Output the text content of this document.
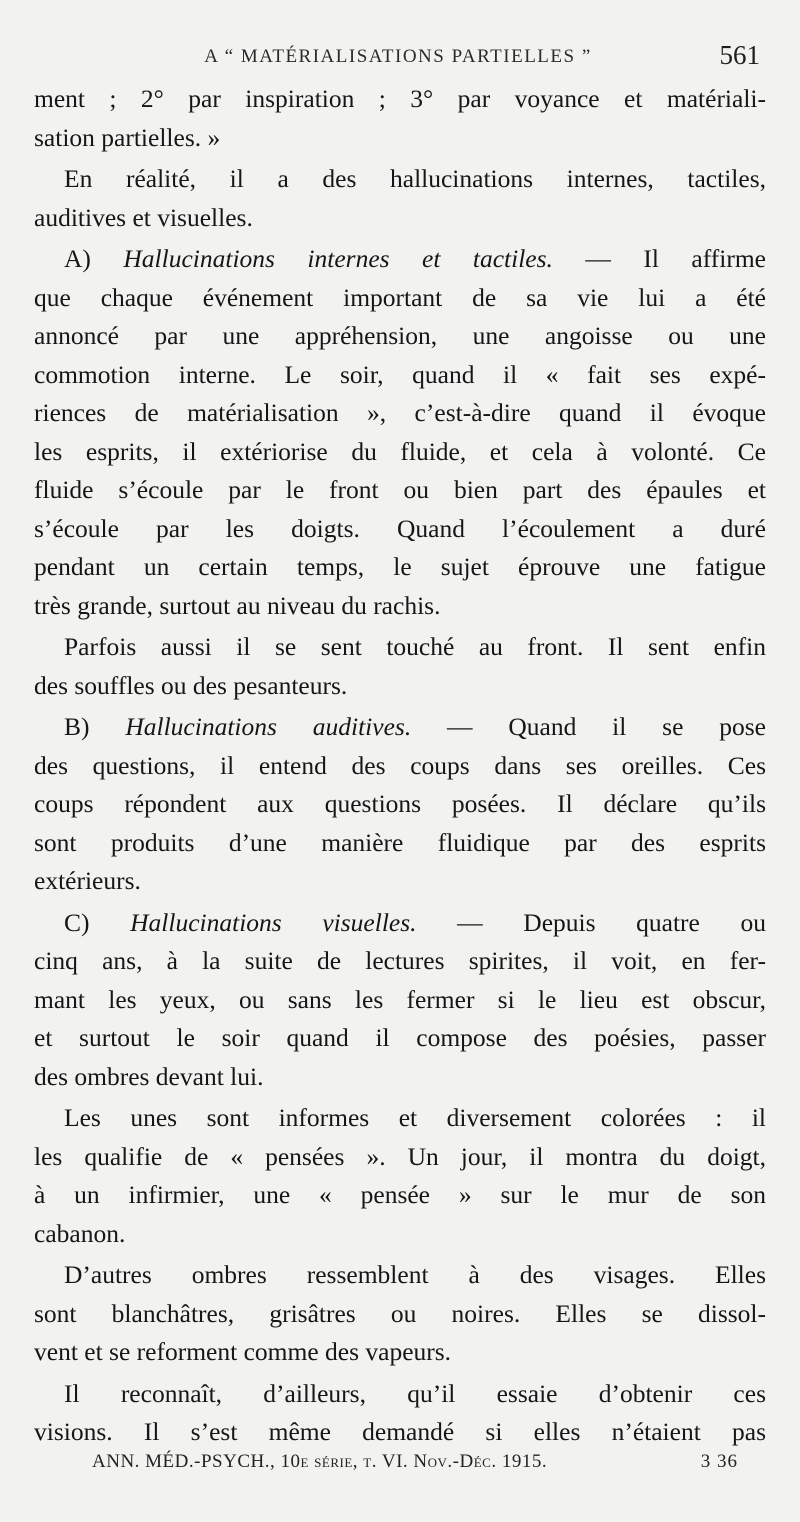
A “ MATÉRIALISATIONS PARTIELLES ”	561
ment ; 2° par inspiration ; 3° par voyance et matériali-
sation partielles. »
En réalité, il a des hallucinations internes, tactiles,
auditives et visuelles.
A) Hallucinations internes et tactiles. — Il affirme
que chaque événement important de sa vie lui a été
annoncé par une appréhension, une angoisse ou une
commotion interne. Le soir, quand il « fait ses expé-
riences de matérialisation », c’est-à-dire quand il évoque
les esprits, il extériorise du fluide, et cela à volonté. Ce
fluide s’écoule par le front ou bien part des épaules et
s’écoule par les doigts. Quand l’écoulement a duré
pendant un certain temps, le sujet éprouve une fatigue
très grande, surtout au niveau du rachis.
Parfois aussi il se sent touché au front. Il sent enfin
des souffles ou des pesanteurs.
B) Hallucinations auditives. — Quand il se pose
des questions, il entend des coups dans ses oreilles. Ces
coups répondent aux questions posées. Il déclare qu’ils
sont produits d’une manière fluidique par des esprits
extérieurs.
C) Hallucinations visuelles. — Depuis quatre ou
cinq ans, à la suite de lectures spirites, il voit, en fer-
mant les yeux, ou sans les fermer si le lieu est obscur,
et surtout le soir quand il compose des poésies, passer
des ombres devant lui.
Les unes sont informes et diversement colorées : il
les qualifie de « pensées ». Un jour, il montra du doigt,
à un infirmier, une « pensée » sur le mur de son
cabanon.
D’autres ombres ressemblent à des visages. Elles
sont blanchâtres, grisâtres ou noires. Elles se dissol-
vent et se reforment comme des vapeurs.
Il reconnaît, d’ailleurs, qu’il essaie d’obtenir ces
visions. Il s’est même demandé si elles n’étaient pas
ANN. MÉD.-PSYCH., 10e série, t. VI. Nov.-Déc. 1915.	3 36
